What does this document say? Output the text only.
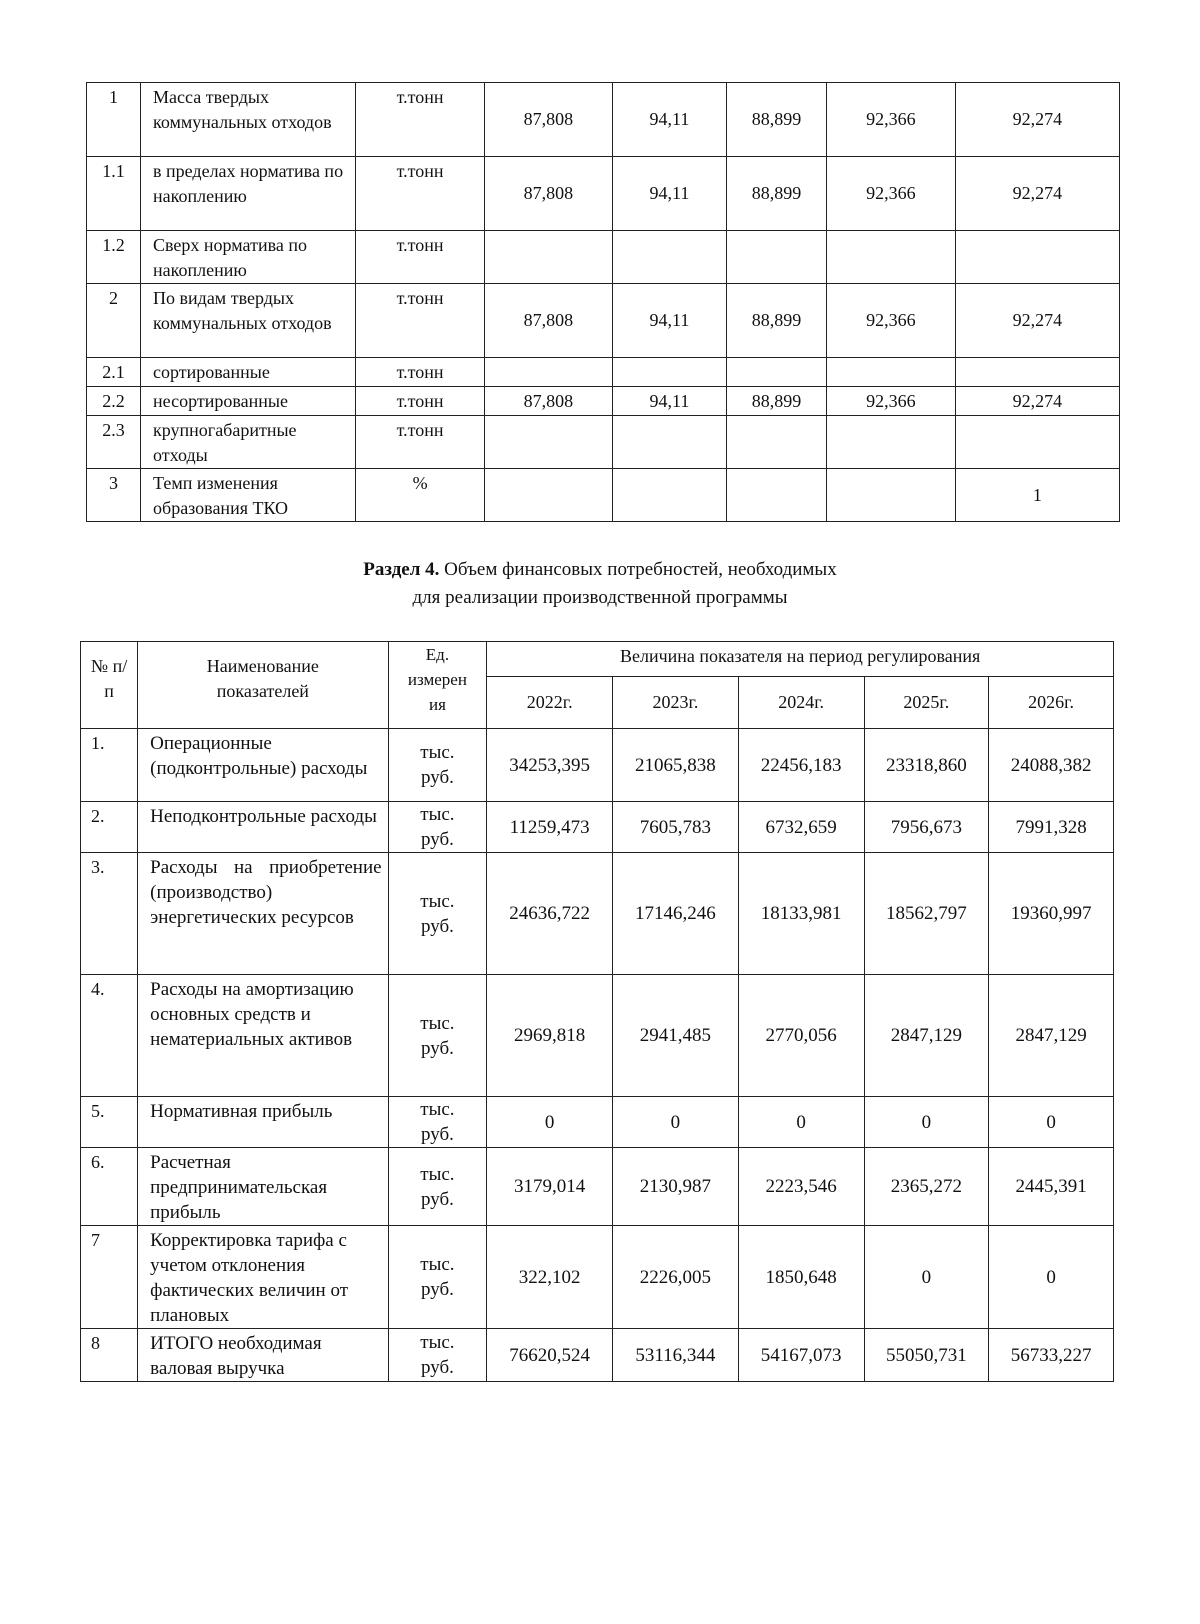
1	Масса твердых коммунальных отходов	т.тонн	87,808	94,11	88,899	92,366	92,274
1.1	в пределах норматива по накоплению	т.тонн	87,808	94,11	88,899	92,366	92,274
1.2	Сверх норматива по накоплению	т.тонн					
2	По видам твердых коммунальных отходов	т.тонн	87,808	94,11	88,899	92,366	92,274
2.1	сортированные	т.тонн					
2.2	несортированные	т.тонн	87,808	94,11	88,899	92,366	92,274
2.3	крупногабаритные отходы	т.тонн					
3	Темп изменения образования ТКО	%					1
Раздел 4. Объем финансовых потребностей, необходимых
для реализации производственной программы
№ п/п	Наименование показателей	Ед. измерен ия	Величина показателя на период регулирования				
			2022г.	2023г.	2024г.	2025г.	2026г.
1.	Операционные (подконтрольные) расходы	тыс. руб.	34253,395	21065,838	22456,183	23318,860	24088,382
2.	Неподконтрольные расходы	тыс. руб.	11259,473	7605,783	6732,659	7956,673	7991,328
3.	Расходы на приобретение (производство) энергетических ресурсов	тыс. руб.	24636,722	17146,246	18133,981	18562,797	19360,997
4.	Расходы на амортизацию основных средств и нематериальных активов	тыс. руб.	2969,818	2941,485	2770,056	2847,129	2847,129
5.	Нормативная прибыль	тыс. руб.	0	0	0	0	0
6.	Расчетная предпринимательская прибыль	тыс. руб.	3179,014	2130,987	2223,546	2365,272	2445,391
7	Корректировка тарифа с учетом отклонения фактических величин от плановых	тыс. руб.	322,102	2226,005	1850,648	0	0
8	ИТОГО необходимая валовая выручка	тыс. руб.	76620,524	53116,344	54167,073	55050,731	56733,227
